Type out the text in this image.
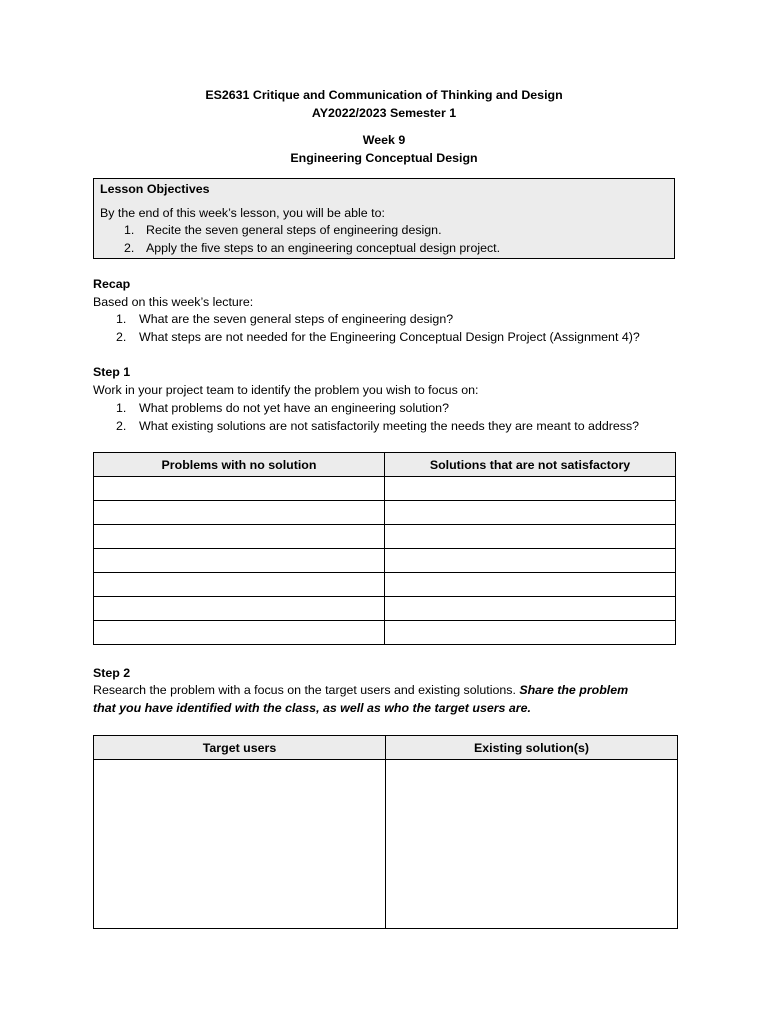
ES2631 Critique and Communication of Thinking and Design
AY2022/2023 Semester 1
Week 9
Engineering Conceptual Design
Lesson Objectives
By the end of this week’s lesson, you will be able to:
1. Recite the seven general steps of engineering design.
2. Apply the five steps to an engineering conceptual design project.
Recap
Based on this week’s lecture:
1. What are the seven general steps of engineering design?
2. What steps are not needed for the Engineering Conceptual Design Project (Assignment 4)?
Step 1
Work in your project team to identify the problem you wish to focus on:
1. What problems do not yet have an engineering solution?
2. What existing solutions are not satisfactorily meeting the needs they are meant to address?
Problems with no solution	Solutions that are not satisfactory

Step 2
Research the problem with a focus on the target users and existing solutions. Share the problem
that you have identified with the class, as well as who the target users are.
Target users	Existing solution(s)
